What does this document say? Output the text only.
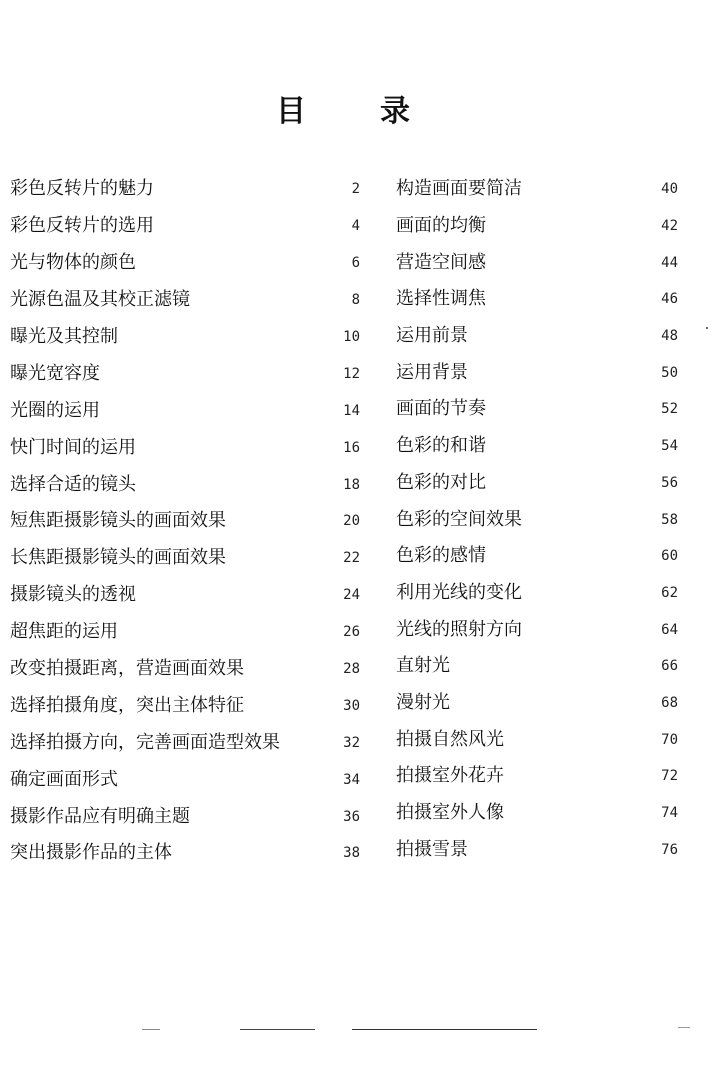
目 录
彩色反转片的魅力	2
彩色反转片的选用	4
光与物体的颜色	6
光源色温及其校正滤镜	8
曝光及其控制	10
曝光宽容度	12
光圈的运用	14
快门时间的运用	16
选择合适的镜头	18
短焦距摄影镜头的画面效果	20
长焦距摄影镜头的画面效果	22
摄影镜头的透视	24
超焦距的运用	26
改变拍摄距离，营造画面效果	28
选择拍摄角度，突出主体特征	30
选择拍摄方向，完善画面造型效果	32
确定画面形式	34
摄影作品应有明确主题	36
突出摄影作品的主体	38
构造画面要简洁	40
画面的均衡	42
营造空间感	44
选择性调焦	46
运用前景	48
运用背景	50
画面的节奏	52
色彩的和谐	54
色彩的对比	56
色彩的空间效果	58
色彩的感情	60
利用光线的变化	62
光线的照射方向	64
直射光	66
漫射光	68
拍摄自然风光	70
拍摄室外花卉	72
拍摄室外人像	74
拍摄雪景	76
